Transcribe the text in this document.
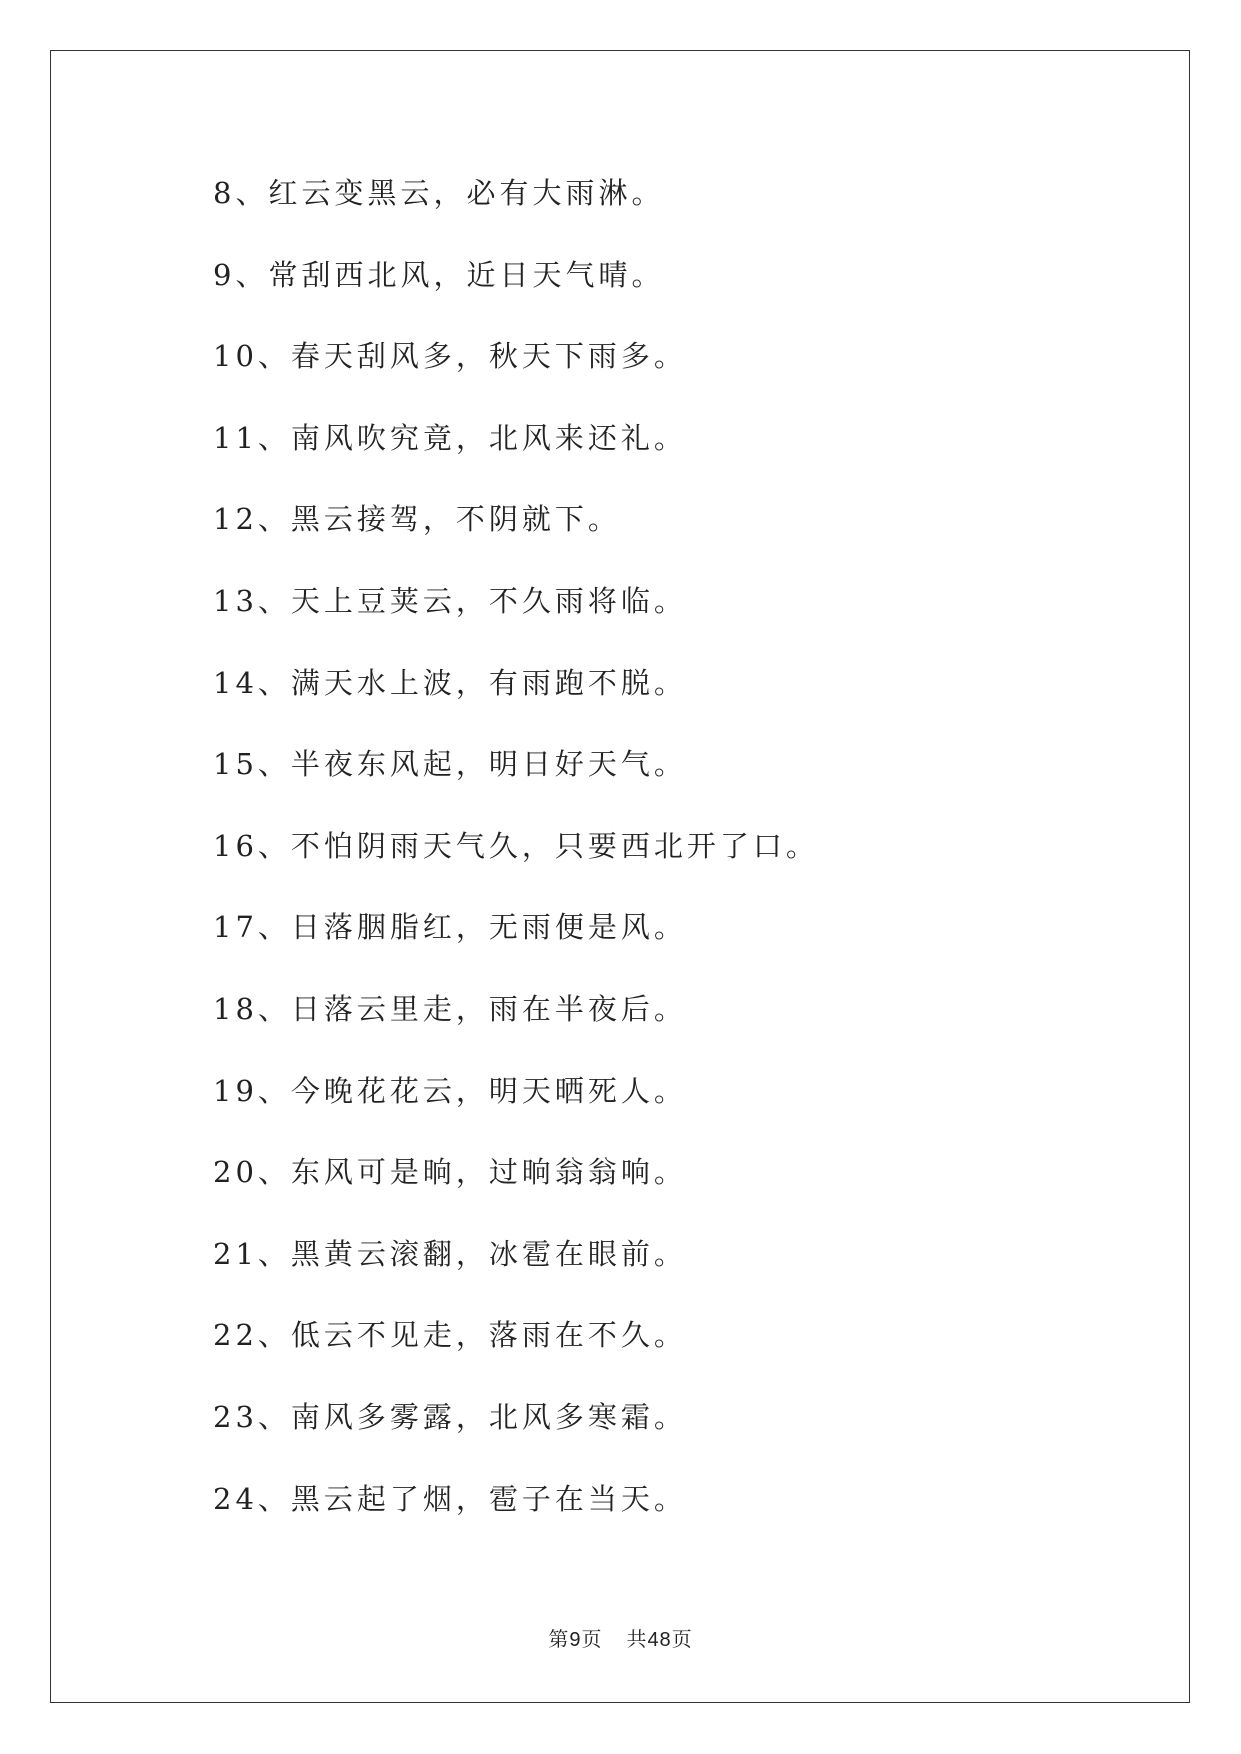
8、红云变黑云，必有大雨淋。
9、常刮西北风，近日天气晴。
10、春天刮风多，秋天下雨多。
11、南风吹究竟，北风来还礼。
12、黑云接驾，不阴就下。
13、天上豆荚云，不久雨将临。
14、满天水上波，有雨跑不脱。
15、半夜东风起，明日好天气。
16、不怕阴雨天气久，只要西北开了口。
17、日落胭脂红，无雨便是风。
18、日落云里走，雨在半夜后。
19、今晚花花云，明天晒死人。
20、东风可是晌，过晌翁翁响。
21、黑黄云滚翻，冰雹在眼前。
22、低云不见走，落雨在不久。
23、南风多雾露，北风多寒霜。
24、黑云起了烟，雹子在当天。
第9页 共48页
